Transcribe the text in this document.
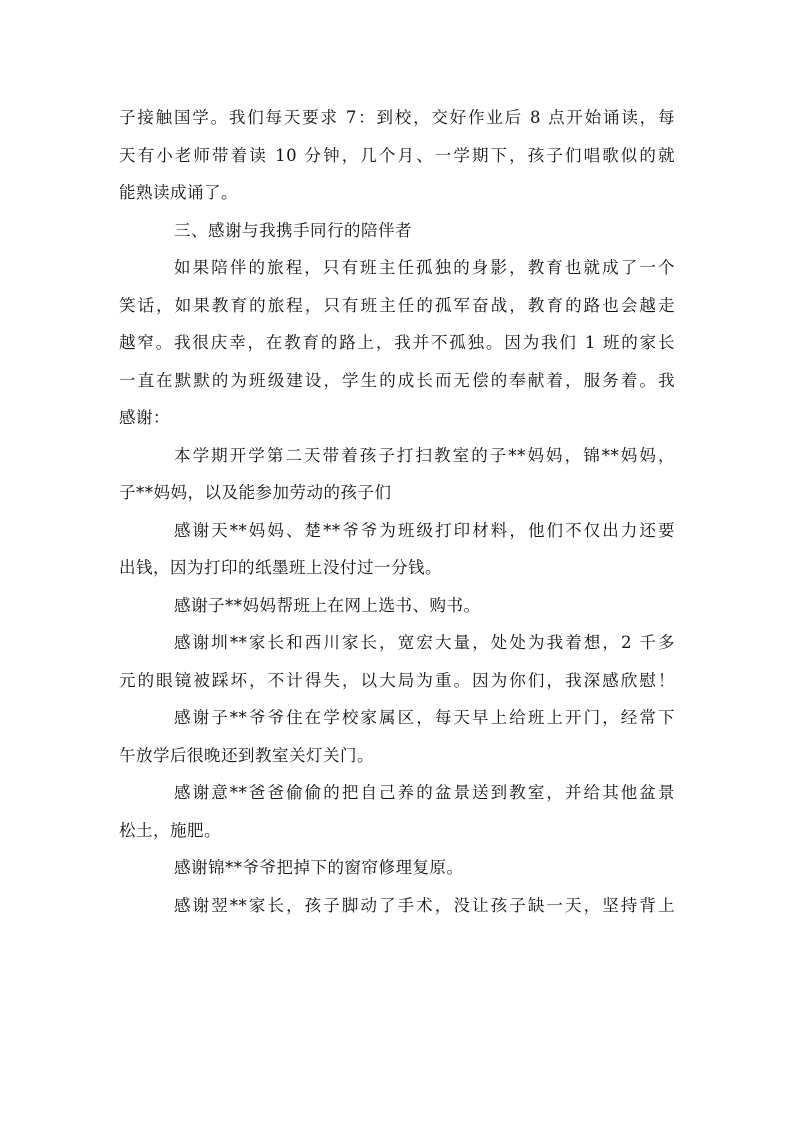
子接触国学。我们每天要求 7：到校，交好作业后 8 点开始诵读，每
天有小老师带着读 10 分钟，几个月、一学期下，孩子们唱歌似的就
能熟读成诵了。
三、感谢与我携手同行的陪伴者
如果陪伴的旅程，只有班主任孤独的身影，教育也就成了一个
笑话，如果教育的旅程，只有班主任的孤军奋战，教育的路也会越走
越窄。我很庆幸，在教育的路上，我并不孤独。因为我们 1 班的家长
一直在默默的为班级建设，学生的成长而无偿的奉献着，服务着。我
感谢：
本学期开学第二天带着孩子打扫教室的子**妈妈，锦**妈妈，
子**妈妈，以及能参加劳动的孩子们
感谢天**妈妈、楚**爷爷为班级打印材料，他们不仅出力还要
出钱，因为打印的纸墨班上没付过一分钱。
感谢子**妈妈帮班上在网上选书、购书。
感谢圳**家长和西川家长，宽宏大量，处处为我着想，2 千多
元的眼镜被踩坏，不计得失，以大局为重。因为你们，我深感欣慰！
感谢子**爷爷住在学校家属区，每天早上给班上开门，经常下
午放学后很晚还到教室关灯关门。
感谢意**爸爸偷偷的把自己养的盆景送到教室，并给其他盆景
松土，施肥。
感谢锦**爷爷把掉下的窗帘修理复原。
感谢翌**家长，孩子脚动了手术，没让孩子缺一天，坚持背上
